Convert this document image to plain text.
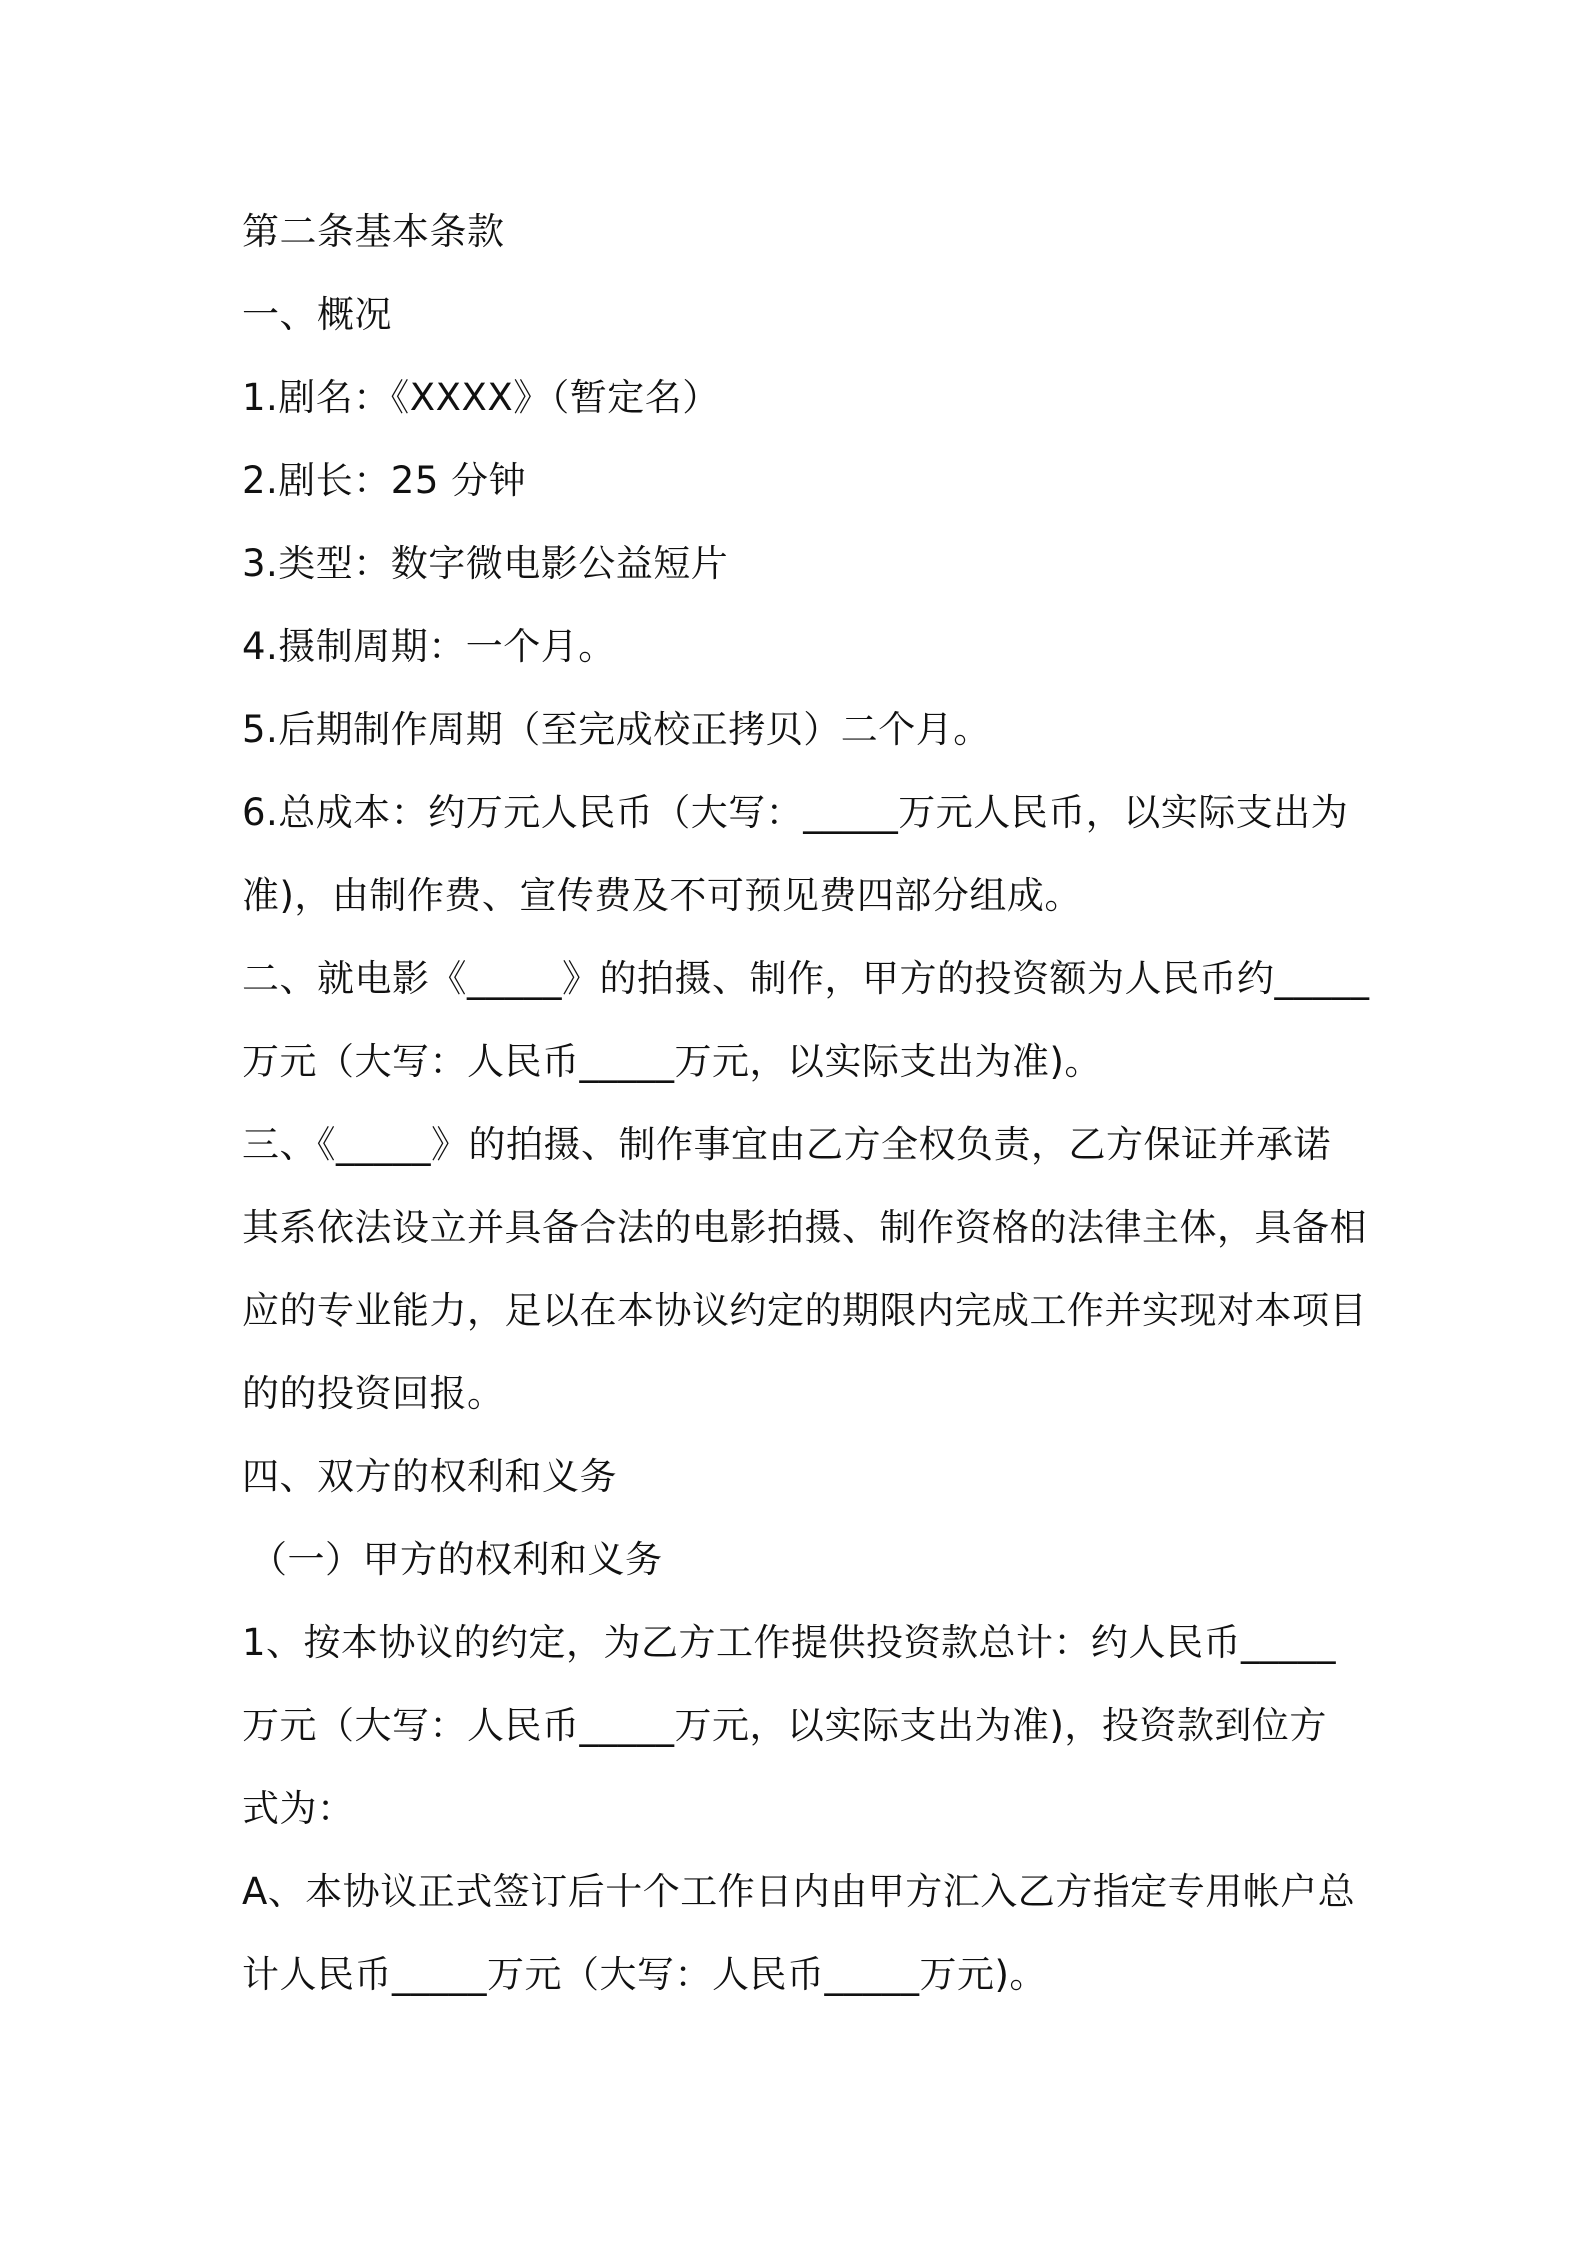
第二条基本条款
一、概况
1.剧名：《XXXX》（暂定名）
2.剧长：25 分钟
3.类型：数字微电影公益短片
4.摄制周期：一个月。
5.后期制作周期（至完成校正拷贝）二个月。
6.总成本：约万元人民币（大写：_____万元人民币，以实际支出为
准)，由制作费、宣传费及不可预见费四部分组成。
二、就电影《_____》的拍摄、制作，甲方的投资额为人民币约_____
万元（大写：人民币_____万元，以实际支出为准)。
三、《_____》的拍摄、制作事宜由乙方全权负责，乙方保证并承诺
其系依法设立并具备合法的电影拍摄、制作资格的法律主体，具备相
应的专业能力，足以在本协议约定的期限内完成工作并实现对本项目
的的投资回报。
四、双方的权利和义务
（一）甲方的权利和义务
1、按本协议的约定，为乙方工作提供投资款总计：约人民币_____
万元（大写：人民币_____万元，以实际支出为准)，投资款到位方
式为：
A、本协议正式签订后十个工作日内由甲方汇入乙方指定专用帐户总
计人民币_____万元（大写：人民币_____万元)。
